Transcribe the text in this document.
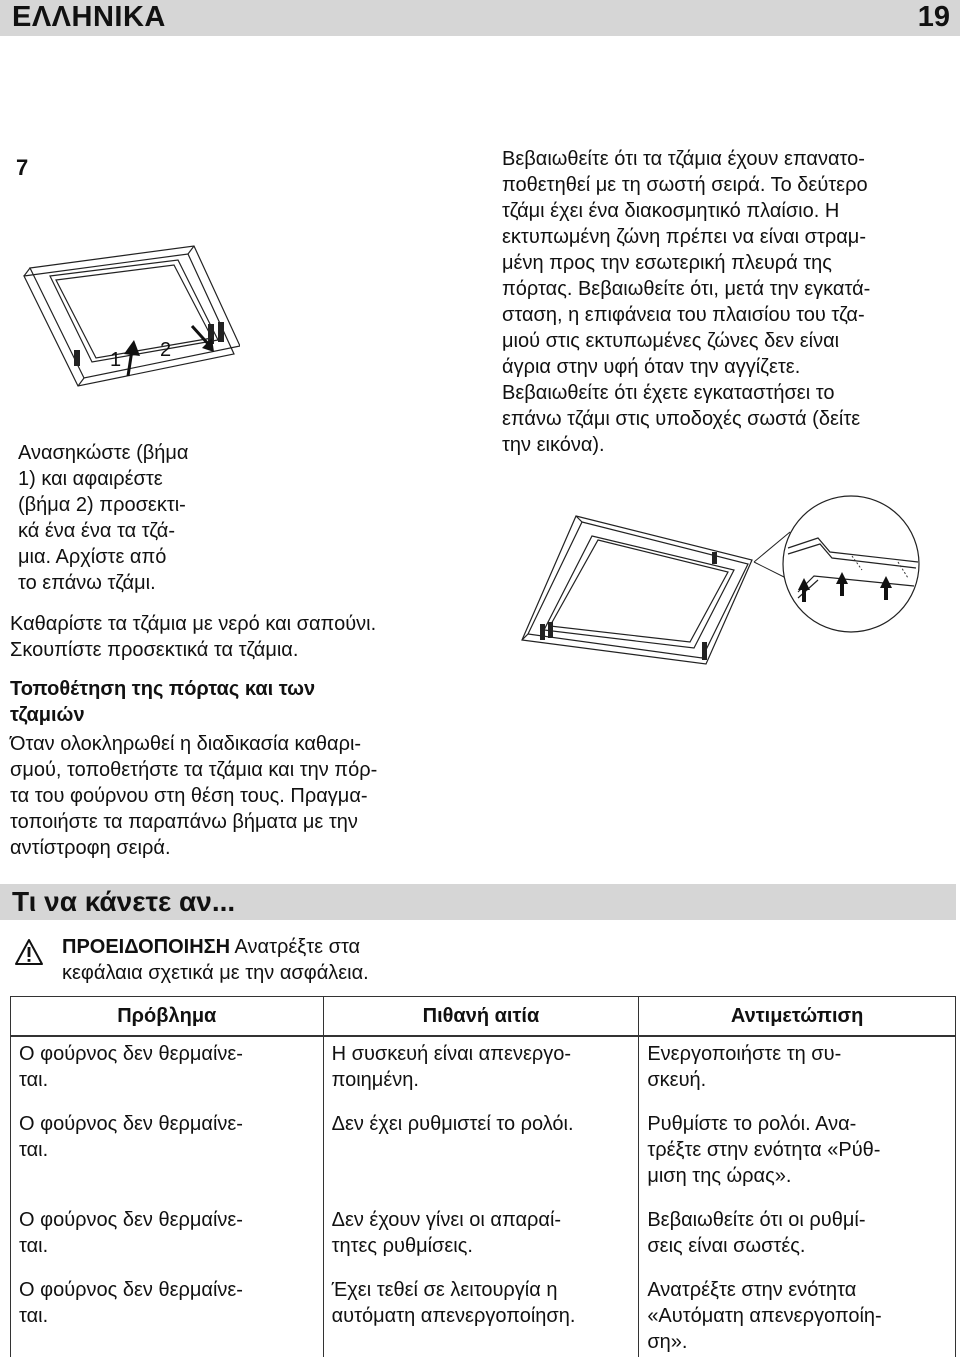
ΕΛΛΗΝΙΚΑ	19
7
1 2
Ανασηκώστε (βήμα
1) και αφαιρέστε
(βήμα 2) προσεκτι-
κά ένα ένα τα τζά-
μια. Αρχίστε από
το επάνω τζάμι.
Καθαρίστε τα τζάμια με νερό και σαπούνι.
Σκουπίστε προσεκτικά τα τζάμια.
Τοποθέτηση της πόρτας και των
τζαμιών
Όταν ολοκληρωθεί η διαδικασία καθαρι-
σμού, τοποθετήστε τα τζάμια και την πόρ-
τα του φούρνου στη θέση τους. Πραγμα-
τοποιήστε τα παραπάνω βήματα με την
αντίστροφη σειρά.
Βεβαιωθείτε ότι τα τζάμια έχουν επανατο-
ποθετηθεί με τη σωστή σειρά. Το δεύτερο
τζάμι έχει ένα διακοσμητικό πλαίσιο. Η
εκτυπωμένη ζώνη πρέπει να είναι στραμ-
μένη προς την εσωτερική πλευρά της
πόρτας. Βεβαιωθείτε ότι, μετά την εγκατά-
σταση, η επιφάνεια του πλαισίου του τζα-
μιού στις εκτυπωμένες ζώνες δεν είναι
άγρια στην υφή όταν την αγγίζετε.
Βεβαιωθείτε ότι έχετε εγκαταστήσει το
επάνω τζάμι στις υποδοχές σωστά (δείτε
την εικόνα).
Τι να κάνετε αν...
ΠΡΟΕΙΔΟΠΟΙΗΣΗ Ανατρέξτε στα
κεφάλαια σχετικά με την ασφάλεια.
Πρόβλημα	Πιθανή αιτία	Αντιμετώπιση
Ο φούρνος δεν θερμαίνε-
ται.	Η συσκευή είναι απενεργο-
ποιημένη.	Ενεργοποιήστε τη συ-
σκευή.
Ο φούρνος δεν θερμαίνε-
ται.	Δεν έχει ρυθμιστεί το ρολόι.	Ρυθμίστε το ρολόι. Ανα-
τρέξτε στην ενότητα «Ρύθ-
μιση της ώρας».
Ο φούρνος δεν θερμαίνε-
ται.	Δεν έχουν γίνει οι απαραί-
τητες ρυθμίσεις.	Βεβαιωθείτε ότι οι ρυθμί-
σεις είναι σωστές.
Ο φούρνος δεν θερμαίνε-
ται.	Έχει τεθεί σε λειτουργία η
αυτόματη απενεργοποίηση.	Ανατρέξτε στην ενότητα
«Αυτόματη απενεργοποίη-
ση».
